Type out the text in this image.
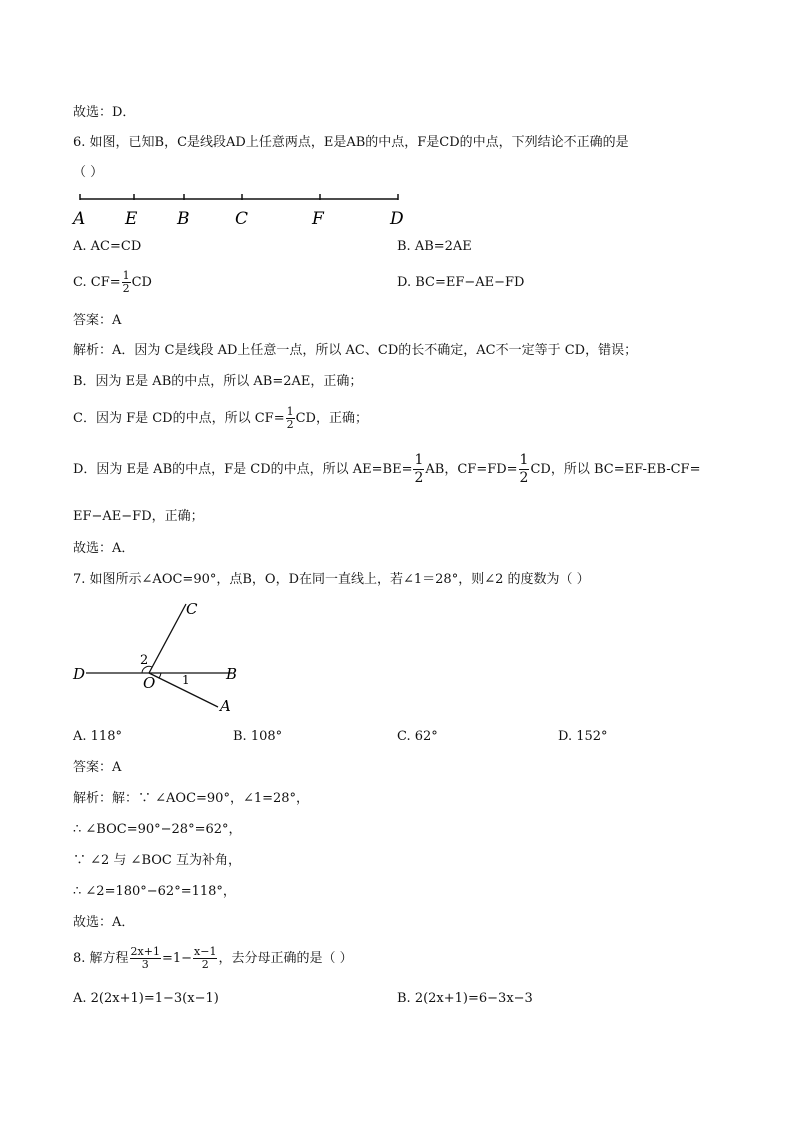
故选：D．
6. 如图，已知B，C是线段AD上任意两点，E是AB的中点，F是CD的中点，下列结论不正确的是
（ ）
A E B	C	F	D
A. AC=CD	B. AB=2AE
C. $CF= \frac{1}{2}$ CD	D. BC=EF−AE−FD
答案：A
解析：A．因为 C是线段 AD上任意一点，所以 AC、CD的长不确定，AC不一定等于 CD，错误；
B．因为 E是 AB的中点，所以 AB=2AE，正确；
C．因为 F是 CD的中点，所以 $CF= \frac{1}{2}$ CD，正确；
D．因为 E是 AB的中点，F是 CD的中点，所以 $AE=BE= \frac{1}{2}$ AB，$CF=FD= \frac{1}{2}$ CD，所以 BC=EF-EB-CF=
EF−AE−FD，正确；
故选：A．
7. 如图所示∠AOC=90°，点B，O，D在同一直线上，若∠1＝28°，则∠2 的度数为（ ）
C
2
D	O 1 B
A
A. 118°	B. 108°	C. 62°	D. 152°
答案：A
解析：解：∵ ∠AOC=90°，∠1=28°，
∴ ∠BOC=90°−28°=62°，
∵ ∠2 与 ∠BOC 互为补角，
∴ ∠2=180°−62°=118°，
故选：A．
8. 解方程 $\frac{2x+1}{3} =1- \frac{x-1}{2}$ ，去分母正确的是（ ）
A. 2(2x+1)=1−3(x−1)	B. 2(2x+1)=6−3x−3
